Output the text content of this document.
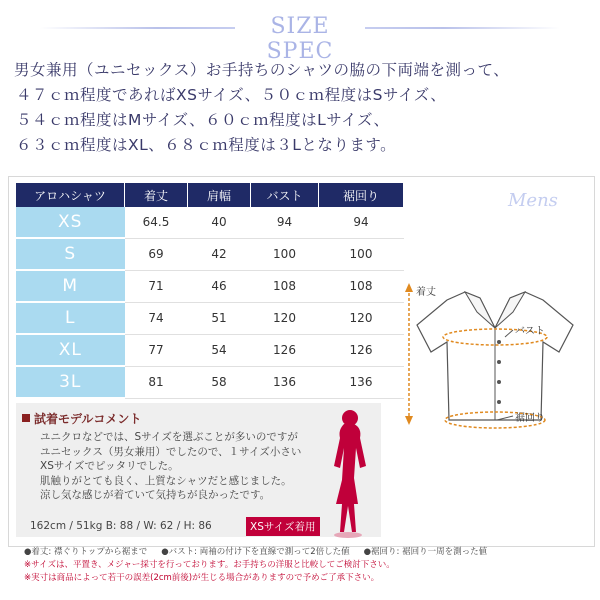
SIZE SPEC
男女兼用（ユニセックス）お手持ちのシャツの脇の下両端を測って、
４７ｃｍ程度であればXSサイズ、５０ｃｍ程度はSサイズ、
５４ｃｍ程度はMサイズ、６０ｃｍ程度はLサイズ、
６３ｃｍ程度はXL、６８ｃｍ程度は３Lとなります。
アロハシャツ	着丈	肩幅	バスト	裾回り
XS	64.5	40	94	94
S	69	42	100	100
M	71	46	108	108
L	74	51	120	120
XL	77	54	126	126
3L	81	58	136	136
Mens
着丈
バスト
裾回り
試着モデルコメント
ユニクロなどでは、Sサイズを選ぶことが多いのですが
ユニセックス（男女兼用）でしたので、１サイズ小さい
XSサイズでピッタリでした。
肌触りがとても良く、上質なシャツだと感じました。
涼し気な感じが着ていて気持ちが良かったです。
162cm / 51kg B: 88 / W: 62 / H: 86	XSサイズ着用
●着丈: 襟ぐりトップから裾まで ●バスト: 両袖の付け下を直線で測って2倍した値 ●裾回り: 裾回り一周を測った値
※サイズは、平置き、メジャー採寸を行っております。お手持ちの洋服と比較してご検討下さい。
※実寸は商品によって若干の誤差(2cm前後)が生じる場合がありますので予めご了承下さい。
